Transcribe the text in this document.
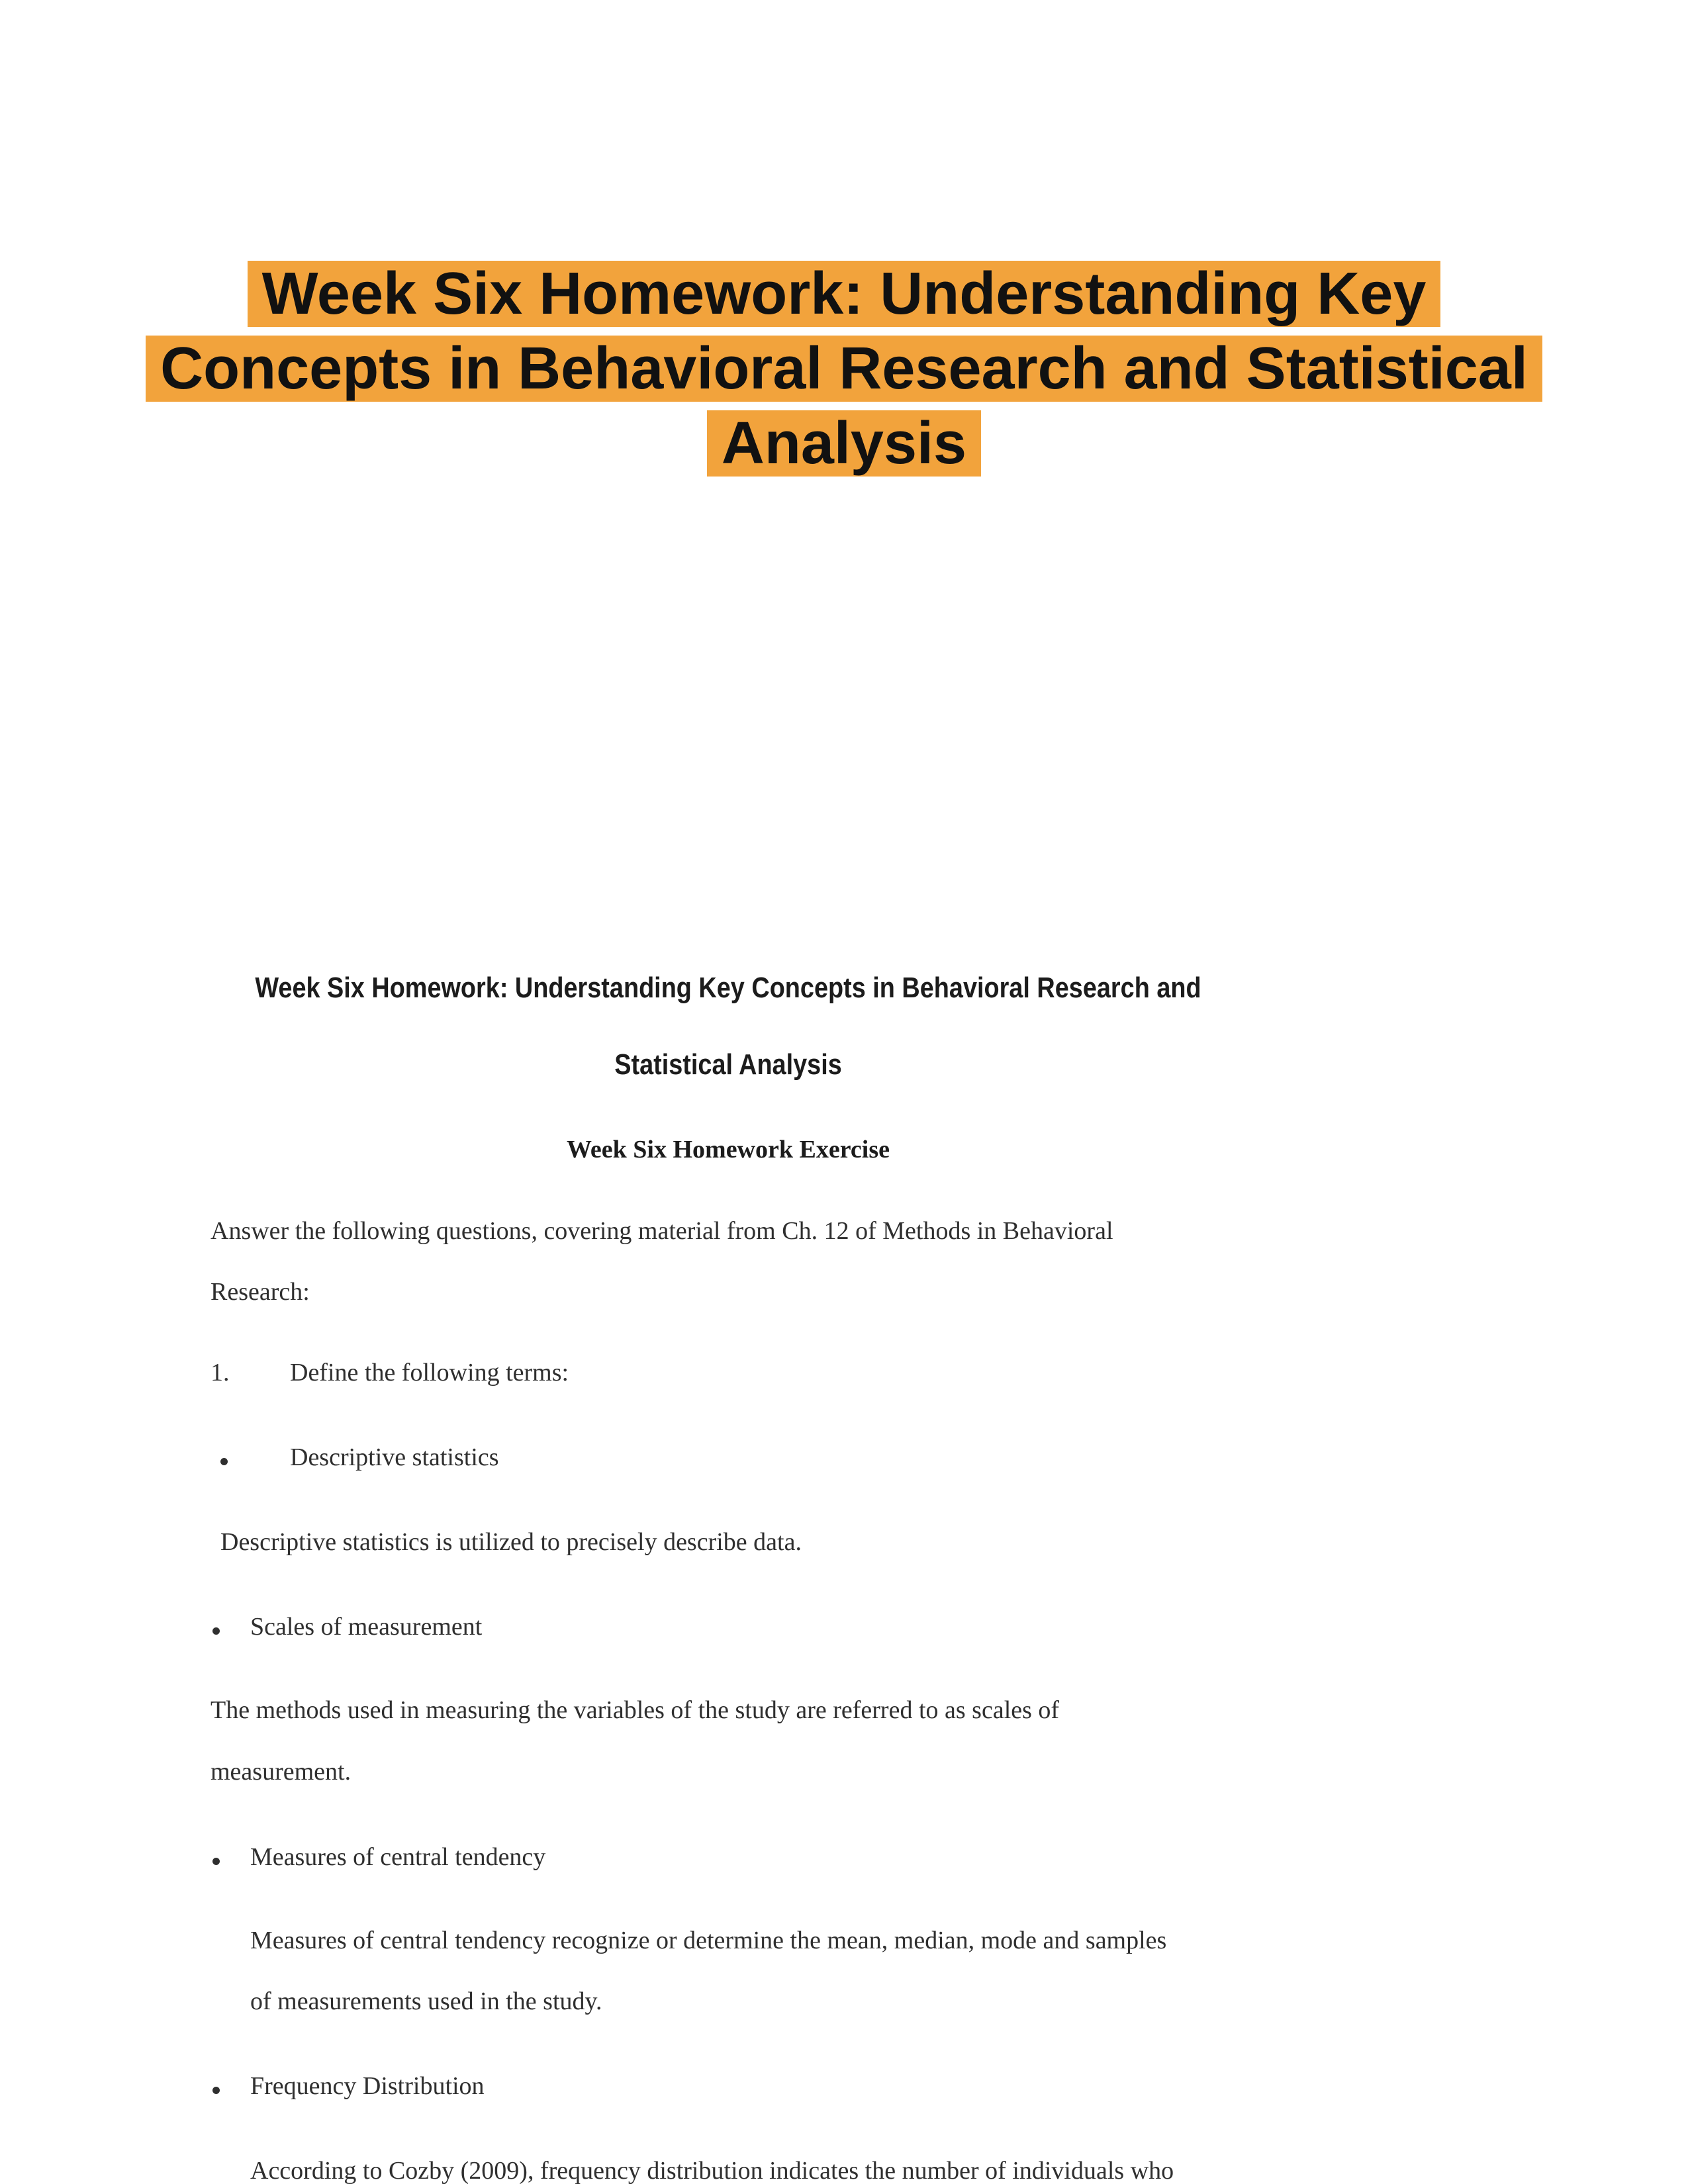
Week Six Homework: Understanding Key
Concepts in Behavioral Research and Statistical
Analysis
Week Six Homework: Understanding Key Concepts in Behavioral Research and
Statistical Analysis
Week Six Homework Exercise
Answer the following questions, covering material from Ch. 12 of Methods in Behavioral
Research:
1. Define the following terms:
Descriptive statistics
Descriptive statistics is utilized to precisely describe data.
Scales of measurement
The methods used in measuring the variables of the study are referred to as scales of
measurement.
Measures of central tendency
Measures of central tendency recognize or determine the mean, median, mode and samples
of measurements used in the study.
Frequency Distribution
According to Cozby (2009), frequency distribution indicates the number of individuals who
